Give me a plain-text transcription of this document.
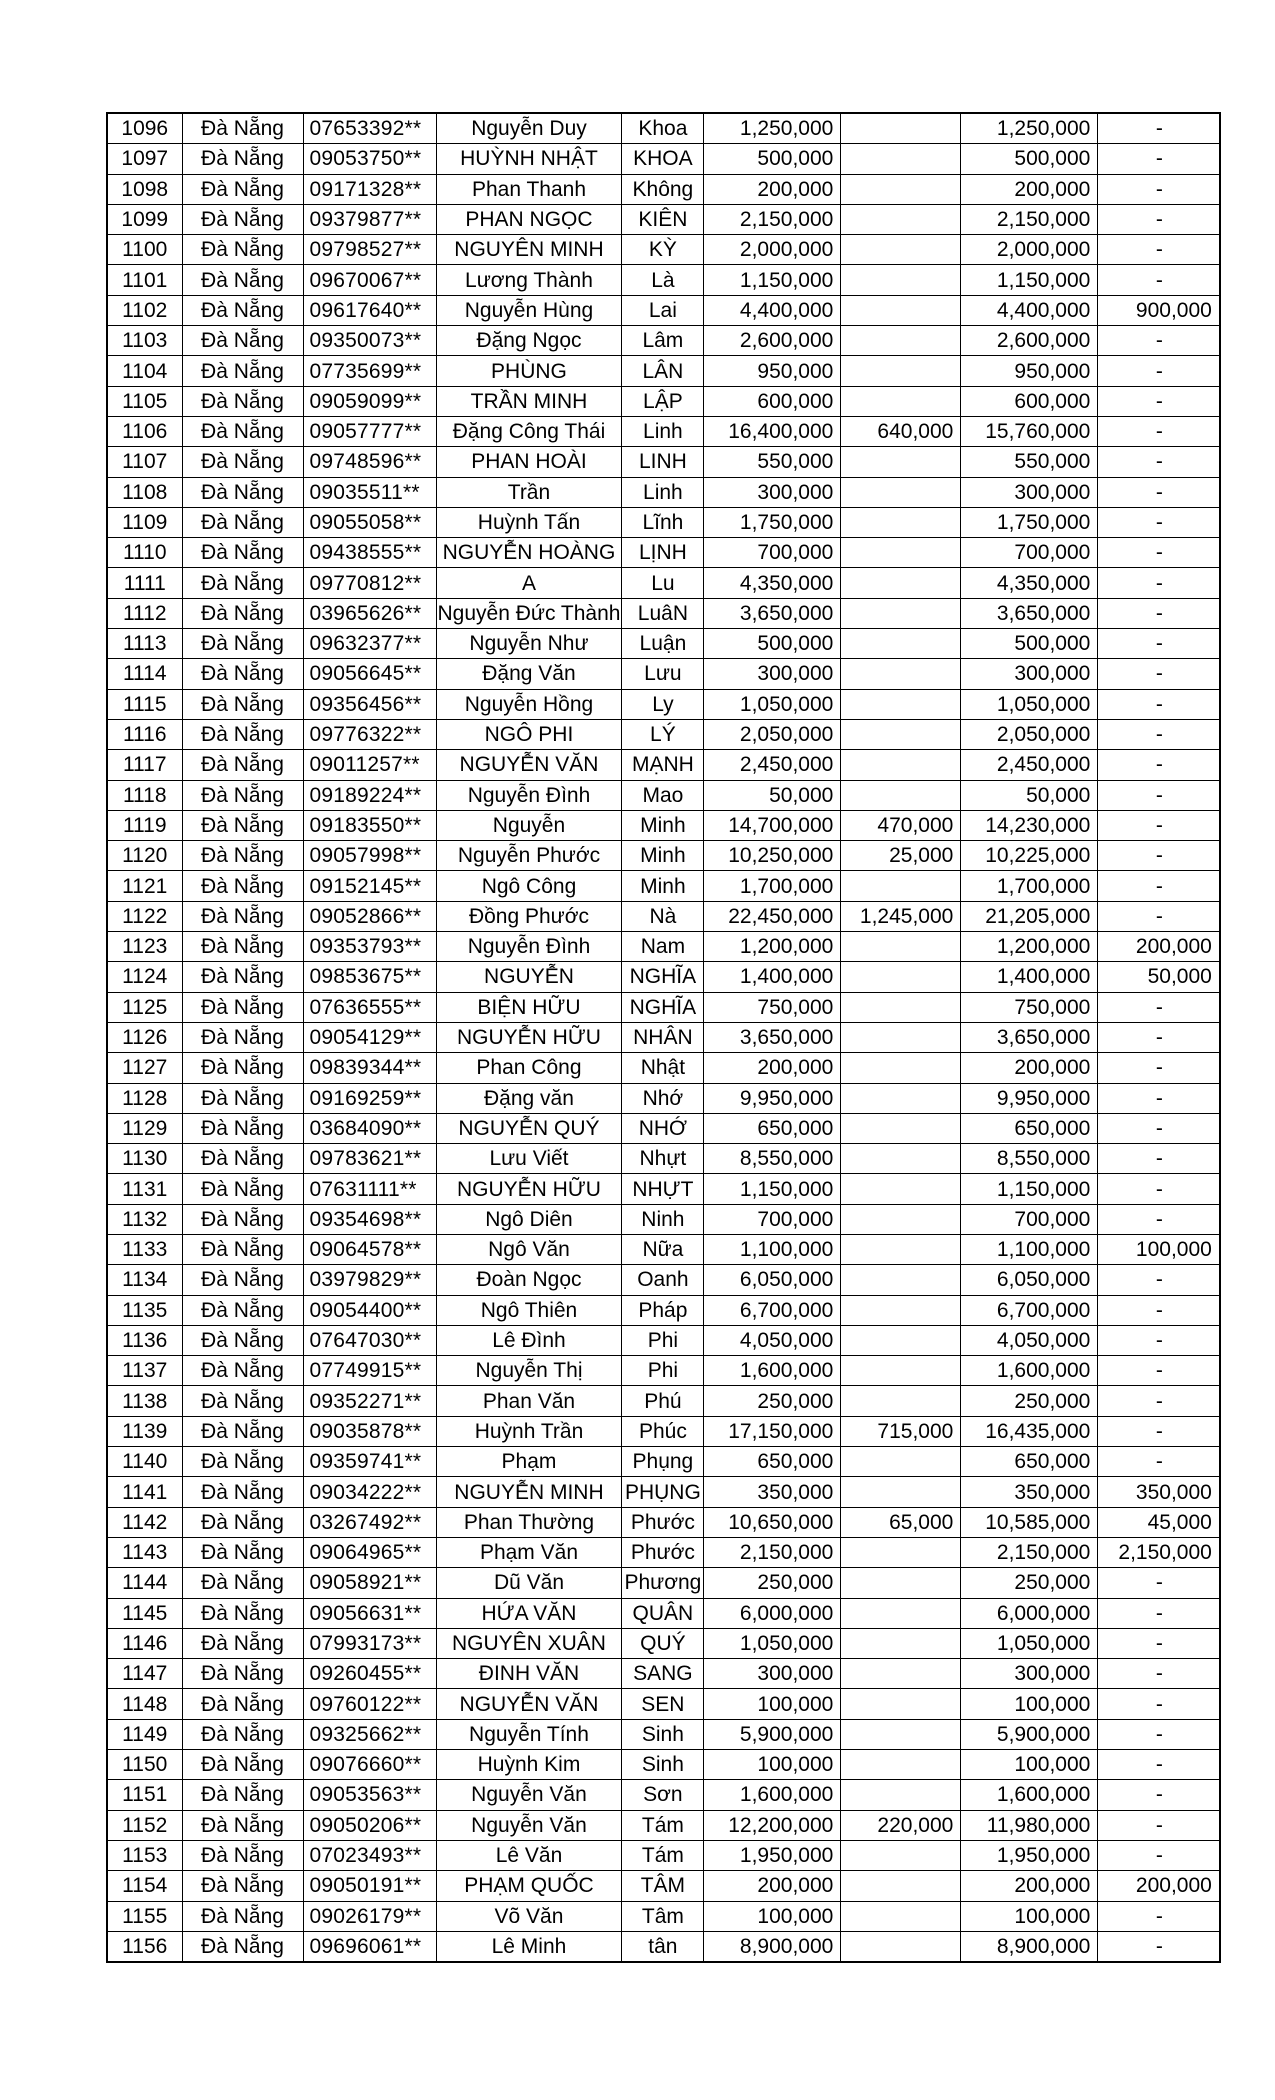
1096	Đà Nẵng	07653392**	Nguyễn Duy	Khoa	1,250,000		1,250,000	-
1097	Đà Nẵng	09053750**	HUỲNH NHẬT	KHOA	500,000		500,000	-
1098	Đà Nẵng	09171328**	Phan Thanh	Không	200,000		200,000	-
1099	Đà Nẵng	09379877**	PHAN NGỌC	KIÊN	2,150,000		2,150,000	-
1100	Đà Nẵng	09798527**	NGUYÊN MINH	KỲ	2,000,000		2,000,000	-
1101	Đà Nẵng	09670067**	Lương Thành	Là	1,150,000		1,150,000	-
1102	Đà Nẵng	09617640**	Nguyễn Hùng	Lai	4,400,000		4,400,000	900,000
1103	Đà Nẵng	09350073**	Đặng Ngọc	Lâm	2,600,000		2,600,000	-
1104	Đà Nẵng	07735699**	PHÙNG	LÂN	950,000		950,000	-
1105	Đà Nẵng	09059099**	TRẦN MINH	LẬP	600,000		600,000	-
1106	Đà Nẵng	09057777**	Đặng Công Thái	Linh	16,400,000	640,000	15,760,000	-
1107	Đà Nẵng	09748596**	PHAN HOÀI	LINH	550,000		550,000	-
1108	Đà Nẵng	09035511**	Trần	Linh	300,000		300,000	-
1109	Đà Nẵng	09055058**	Huỳnh Tấn	Lĩnh	1,750,000		1,750,000	-
1110	Đà Nẵng	09438555**	NGUYỄN HOÀNG	LỊNH	700,000		700,000	-
1111	Đà Nẵng	09770812**	A	Lu	4,350,000		4,350,000	-
1112	Đà Nẵng	03965626**	Nguyễn Đức Thành	LuâN	3,650,000		3,650,000	-
1113	Đà Nẵng	09632377**	Nguyễn Như	Luận	500,000		500,000	-
1114	Đà Nẵng	09056645**	Đặng Văn	Lưu	300,000		300,000	-
1115	Đà Nẵng	09356456**	Nguyễn Hồng	Ly	1,050,000		1,050,000	-
1116	Đà Nẵng	09776322**	NGÔ PHI	LÝ	2,050,000		2,050,000	-
1117	Đà Nẵng	09011257**	NGUYỄN VĂN	MẠNH	2,450,000		2,450,000	-
1118	Đà Nẵng	09189224**	Nguyễn Đình	Mao	50,000		50,000	-
1119	Đà Nẵng	09183550**	Nguyễn	Minh	14,700,000	470,000	14,230,000	-
1120	Đà Nẵng	09057998**	Nguyễn Phước	Minh	10,250,000	25,000	10,225,000	-
1121	Đà Nẵng	09152145**	Ngô Công	Minh	1,700,000		1,700,000	-
1122	Đà Nẵng	09052866**	Đồng Phước	Nà	22,450,000	1,245,000	21,205,000	-
1123	Đà Nẵng	09353793**	Nguyễn Đình	Nam	1,200,000		1,200,000	200,000
1124	Đà Nẵng	09853675**	NGUYỄN	NGHĨA	1,400,000		1,400,000	50,000
1125	Đà Nẵng	07636555**	BIỆN HỮU	NGHĨA	750,000		750,000	-
1126	Đà Nẵng	09054129**	NGUYỄN HỮU	NHÂN	3,650,000		3,650,000	-
1127	Đà Nẵng	09839344**	Phan Công	Nhật	200,000		200,000	-
1128	Đà Nẵng	09169259**	Đặng văn	Nhớ	9,950,000		9,950,000	-
1129	Đà Nẵng	03684090**	NGUYỄN QUÝ	NHỚ	650,000		650,000	-
1130	Đà Nẵng	09783621**	Lưu Viết	Nhựt	8,550,000		8,550,000	-
1131	Đà Nẵng	07631111**	NGUYỄN HỮU	NHỰT	1,150,000		1,150,000	-
1132	Đà Nẵng	09354698**	Ngô Diên	Ninh	700,000		700,000	-
1133	Đà Nẵng	09064578**	Ngô Văn	Nữa	1,100,000		1,100,000	100,000
1134	Đà Nẵng	03979829**	Đoàn Ngọc	Oanh	6,050,000		6,050,000	-
1135	Đà Nẵng	09054400**	Ngô Thiên	Pháp	6,700,000		6,700,000	-
1136	Đà Nẵng	07647030**	Lê Đình	Phi	4,050,000		4,050,000	-
1137	Đà Nẵng	07749915**	Nguyễn Thị	Phi	1,600,000		1,600,000	-
1138	Đà Nẵng	09352271**	Phan Văn	Phú	250,000		250,000	-
1139	Đà Nẵng	09035878**	Huỳnh Trần	Phúc	17,150,000	715,000	16,435,000	-
1140	Đà Nẵng	09359741**	Phạm	Phụng	650,000		650,000	-
1141	Đà Nẵng	09034222**	NGUYỄN MINH	PHỤNG	350,000		350,000	350,000
1142	Đà Nẵng	03267492**	Phan Thường	Phước	10,650,000	65,000	10,585,000	45,000
1143	Đà Nẵng	09064965**	Phạm Văn	Phước	2,150,000		2,150,000	2,150,000
1144	Đà Nẵng	09058921**	Dũ Văn	Phương	250,000		250,000	-
1145	Đà Nẵng	09056631**	HỨA VĂN	QUÂN	6,000,000		6,000,000	-
1146	Đà Nẵng	07993173**	NGUYÊN XUÂN	QUÝ	1,050,000		1,050,000	-
1147	Đà Nẵng	09260455**	ĐINH VĂN	SANG	300,000		300,000	-
1148	Đà Nẵng	09760122**	NGUYỄN VĂN	SEN	100,000		100,000	-
1149	Đà Nẵng	09325662**	Nguyễn Tính	Sinh	5,900,000		5,900,000	-
1150	Đà Nẵng	09076660**	Huỳnh Kim	Sinh	100,000		100,000	-
1151	Đà Nẵng	09053563**	Nguyễn Văn	Sơn	1,600,000		1,600,000	-
1152	Đà Nẵng	09050206**	Nguyễn Văn	Tám	12,200,000	220,000	11,980,000	-
1153	Đà Nẵng	07023493**	Lê Văn	Tám	1,950,000		1,950,000	-
1154	Đà Nẵng	09050191**	PHẠM QUỐC	TÂM	200,000		200,000	200,000
1155	Đà Nẵng	09026179**	Võ Văn	Tâm	100,000		100,000	-
1156	Đà Nẵng	09696061**	Lê Minh	tân	8,900,000		8,900,000	-
